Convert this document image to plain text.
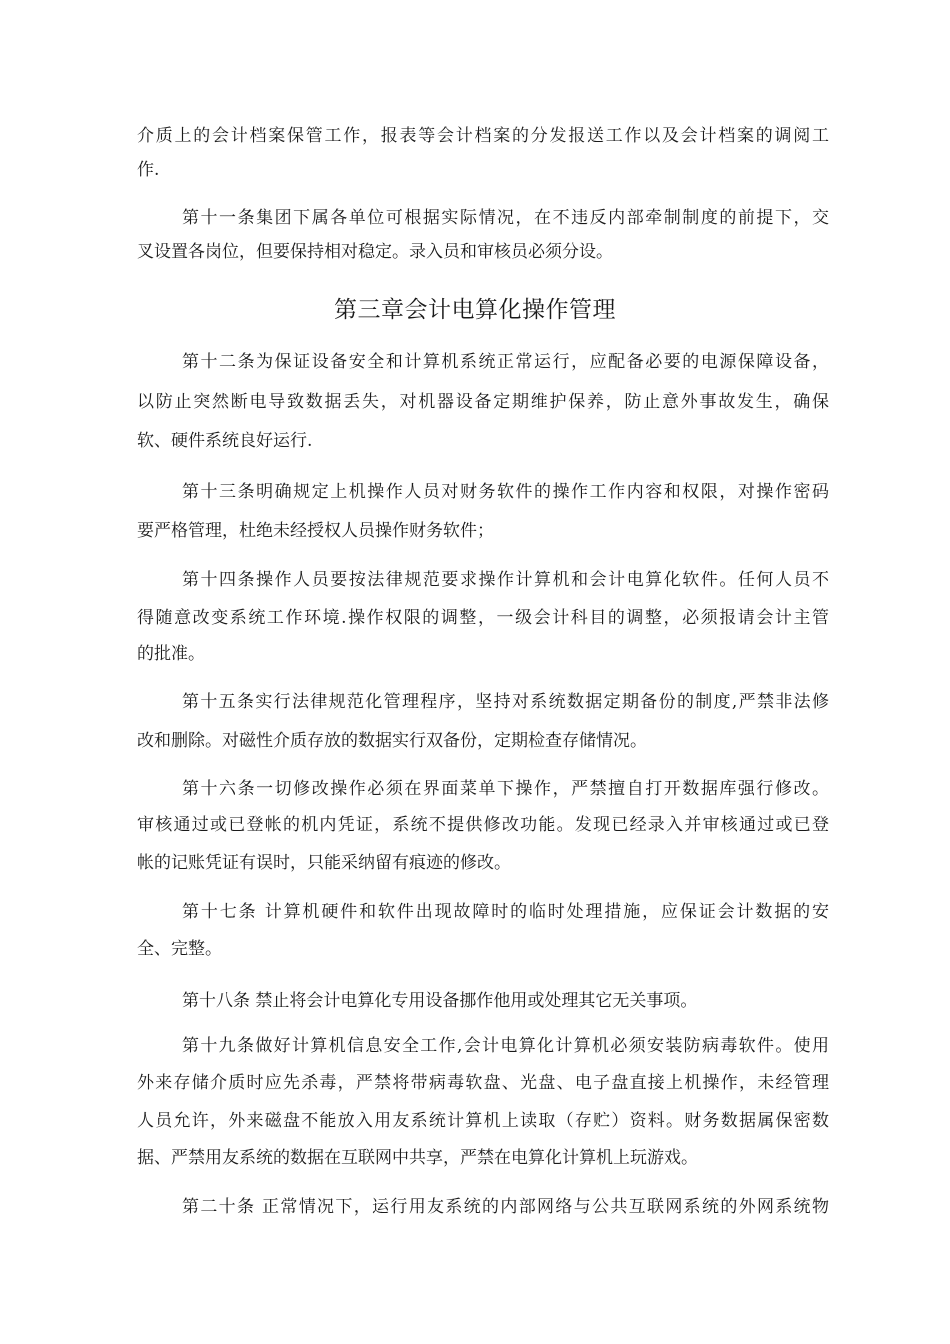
第三章会计电算化操作管理
介质上的会计档案保管工作，报表等会计档案的分发报送工作以及会计档案的调阅工
作.
第十一条集团下属各单位可根据实际情况，在不违反内部牵制制度的前提下，交
叉设置各岗位，但要保持相对稳定。录入员和审核员必须分设。
第十二条为保证设备安全和计算机系统正常运行，应配备必要的电源保障设备，
以防止突然断电导致数据丢失，对机器设备定期维护保养，防止意外事故发生，确保
软、硬件系统良好运行.
第十三条明确规定上机操作人员对财务软件的操作工作内容和权限，对操作密码
要严格管理，杜绝未经授权人员操作财务软件；
第十四条操作人员要按法律规范要求操作计算机和会计电算化软件。任何人员不
得随意改变系统工作环境.操作权限的调整，一级会计科目的调整，必须报请会计主管
的批准。
第十五条实行法律规范化管理程序，坚持对系统数据定期备份的制度,严禁非法修
改和删除。对磁性介质存放的数据实行双备份，定期检查存储情况。
第十六条一切修改操作必须在界面菜单下操作，严禁擅自打开数据库强行修改。
审核通过或已登帐的机内凭证，系统不提供修改功能。发现已经录入并审核通过或已登
帐的记账凭证有误时，只能采纳留有痕迹的修改。
第十七条 计算机硬件和软件出现故障时的临时处理措施，应保证会计数据的安
全、完整。
第十八条 禁止将会计电算化专用设备挪作他用或处理其它无关事项。
第十九条做好计算机信息安全工作,会计电算化计算机必须安装防病毒软件。使用
外来存储介质时应先杀毒，严禁将带病毒软盘、光盘、电子盘直接上机操作，未经管理
人员允许，外来磁盘不能放入用友系统计算机上读取（存贮）资料。财务数据属保密数
据、严禁用友系统的数据在互联网中共享，严禁在电算化计算机上玩游戏。
第二十条 正常情况下，运行用友系统的内部网络与公共互联网系统的外网系统物
